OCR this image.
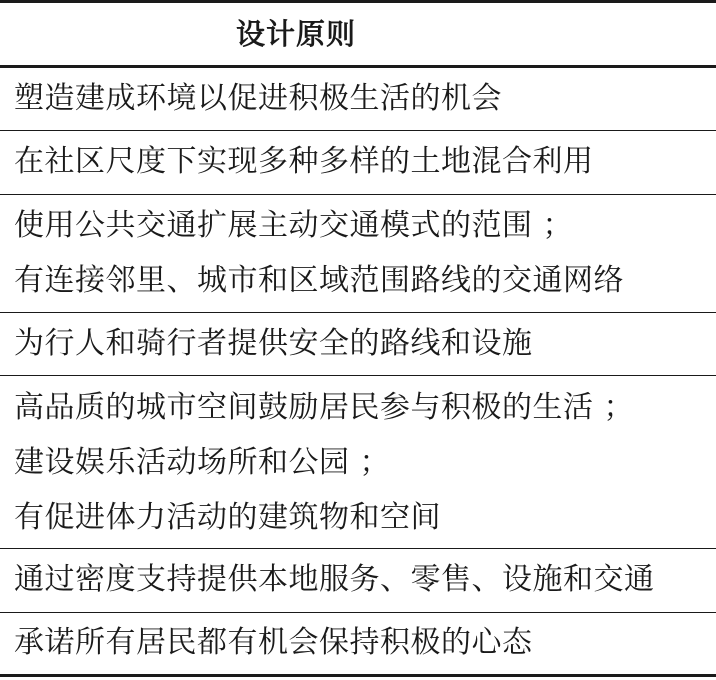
设计原则
塑造建成环境以促进积极生活的机会
在社区尺度下实现多种多样的土地混合利用
使用公共交通扩展主动交通模式的范围 ；
有连接邻里、城市和区域范围路线的交通网络
为行人和骑行者提供安全的路线和设施
高品质的城市空间鼓励居民参与积极的生活 ；
建设娱乐活动场所和公园 ；
有促进体力活动的建筑物和空间
通过密度支持提供本地服务、零售、设施和交通
承诺所有居民都有机会保持积极的心态
